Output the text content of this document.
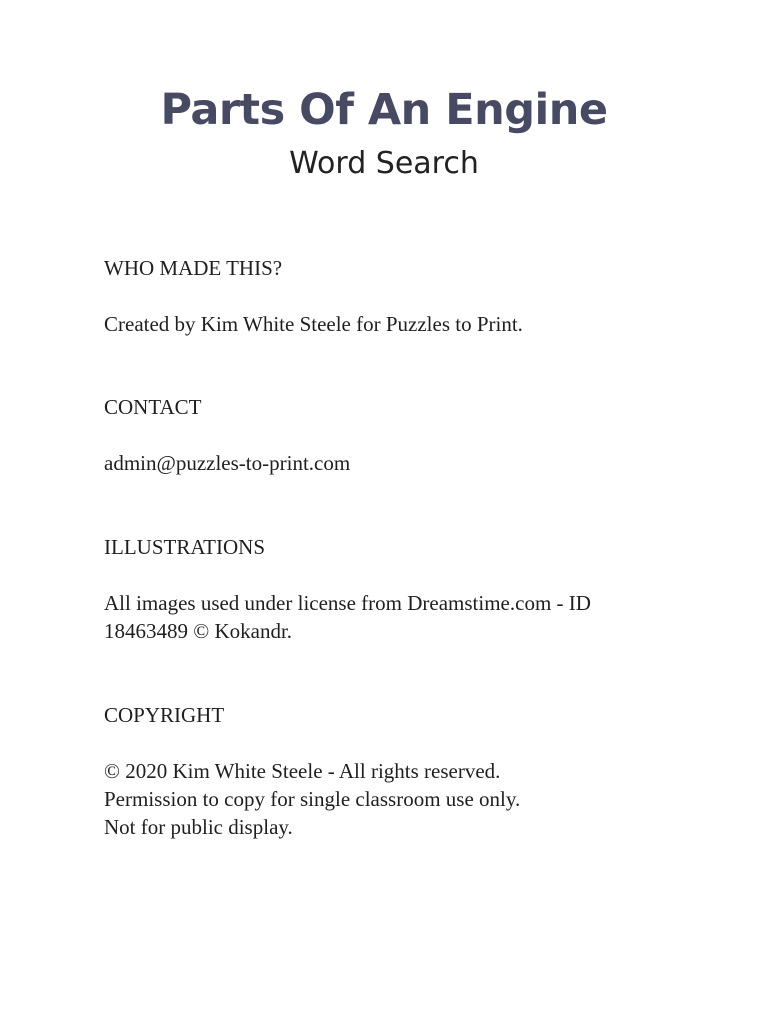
Parts Of An Engine
Word Search
WHO MADE THIS?
Created by Kim White Steele for Puzzles to Print.
CONTACT
admin@puzzles-to-print.com
ILLUSTRATIONS
All images used under license from Dreamstime.com - ID
18463489 © Kokandr.
COPYRIGHT
© 2020 Kim White Steele - All rights reserved.
Permission to copy for single classroom use only.
Not for public display.
